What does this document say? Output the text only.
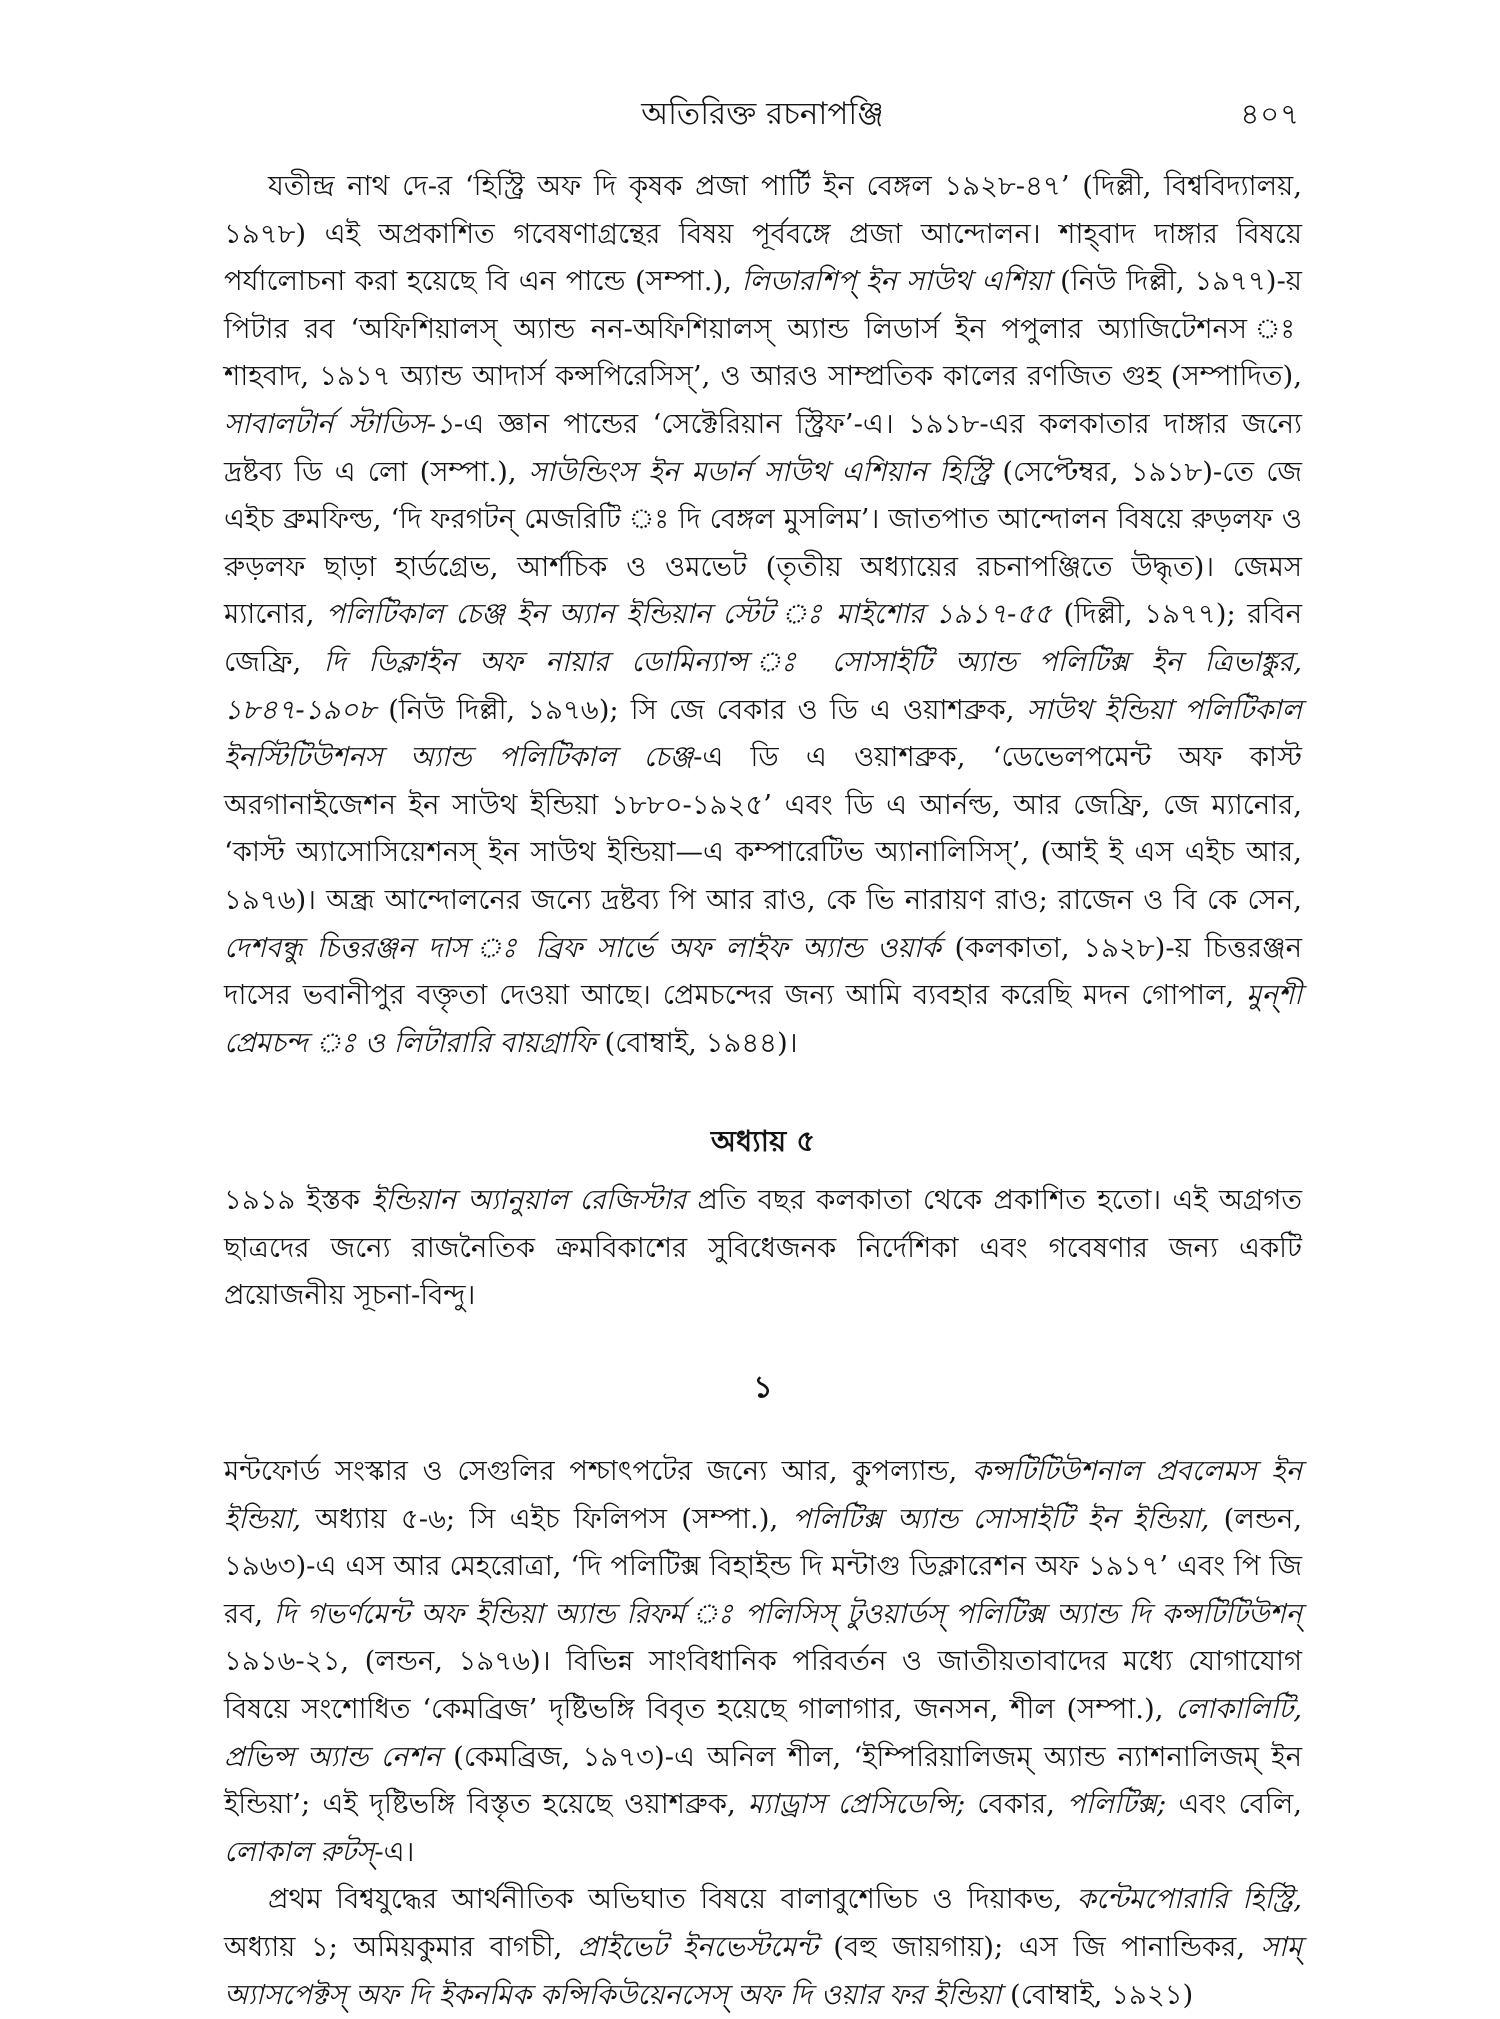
অতিরিক্ত রচনাপঞ্জি	৪০৭

যতীন্দ্র নাথ দে-র ‘হিস্ট্রি অফ দি কৃষক প্রজা পার্টি ইন বেঙ্গল ১৯২৮-৪৭’ (দিল্লী, বিশ্ববিদ্যালয়, ১৯৭৮) এই অপ্রকাশিত গবেষণাগ্রন্থের বিষয় পূর্ববঙ্গে প্রজা আন্দোলন। শাহ্‌বাদ দাঙ্গার বিষয়ে পর্যালোচনা করা হয়েছে বি এন পান্ডে (সম্পা.), লিডারশিপ্‌ ইন সাউথ এশিয়া (নিউ দিল্লী, ১৯৭৭)-য় পিটার রব ‘অফিশিয়ালস্‌ অ্যান্ড নন-অফিশিয়ালস্‌ অ্যান্ড লিডার্স ইন পপুলার অ্যাজিটেশনস ঃ শাহবাদ, ১৯১৭ অ্যান্ড আদার্স কন্সপিরেসিস্‌’, ও আরও সাম্প্রতিক কালের রণজিত গুহ (সম্পাদিত), সাবালটার্ন স্টাডিস-১-এ জ্ঞান পান্ডের ‘সেক্টেরিয়ান স্ট্রিফ’-এ। ১৯১৮-এর কলকাতার দাঙ্গার জন্যে দ্রষ্টব্য ডি এ লো (সম্পা.), সাউন্ডিংস ইন মডার্ন সাউথ এশিয়ান হিস্ট্রি (সেপ্টেম্বর, ১৯১৮)-তে জে এইচ ব্রুমফিল্ড, ‘দি ফরগটন্‌ মেজরিটি ঃ দি বেঙ্গল মুসলিম’। জাতপাত আন্দোলন বিষয়ে রুড়লফ ও রুড়লফ ছাড়া হার্ডগ্রেভ, আর্শচিক ও ওমভেট (তৃতীয় অধ্যায়ের রচনাপঞ্জিতে উদ্ধৃত)। জেমস ম্যানোর, পলিটিকাল চেঞ্জ ইন অ্যান ইন্ডিয়ান স্টেট ঃ মাইশোর ১৯১৭-৫৫ (দিল্লী, ১৯৭৭); রবিন জেফ্রি, দি ডিক্লাইন অফ নায়ার ডোমিন্যান্স ঃ সোসাইটি অ্যান্ড পলিটিক্স ইন ত্রিভাঙ্কুর, ১৮৪৭-১৯০৮ (নিউ দিল্লী, ১৯৭৬); সি জে বেকার ও ডি এ ওয়াশব্রুক, সাউথ ইন্ডিয়া পলিটিকাল ইনস্টিটিউশনস অ্যান্ড পলিটিকাল চেঞ্জ-এ ডি এ ওয়াশব্রুক, ‘ডেভেলপমেন্ট অফ কাস্ট অরগানাইজেশন ইন সাউথ ইন্ডিয়া ১৮৮০-১৯২৫’ এবং ডি এ আর্নল্ড, আর জেফ্রি, জে ম্যানোর, ‘কাস্ট অ্যাসোসিয়েশনস্‌ ইন সাউথ ইন্ডিয়া—এ কম্পারেটিভ অ্যানালিসিস্‌’, (আই ই এস এইচ আর, ১৯৭৬)। অন্ধ্র আন্দোলনের জন্যে দ্রষ্টব্য পি আর রাও, কে ভি নারায়ণ রাও; রাজেন ও বি কে সেন, দেশবন্ধু চিত্তরঞ্জন দাস ঃ ব্রিফ সার্ভে অফ লাইফ অ্যান্ড ওয়ার্ক (কলকাতা, ১৯২৮)-য় চিত্তরঞ্জন দাসের ভবানীপুর বক্তৃতা দেওয়া আছে। প্রেমচন্দের জন্য আমি ব্যবহার করেছি মদন গোপাল, মুন্‌শী প্রেমচন্দ ঃ ও লিটারারি বায়গ্রাফি (বোম্বাই, ১৯৪৪)।

অধ্যায় ৫

১৯১৯ ইস্তক ইন্ডিয়ান অ্যানুয়াল রেজিস্টার প্রতি বছর কলকাতা থেকে প্রকাশিত হতো। এই অগ্রগত ছাত্রদের জন্যে রাজনৈতিক ক্রমবিকাশের সুবিধেজনক নির্দেশিকা এবং গবেষণার জন্য একটি প্রয়োজনীয় সূচনা-বিন্দু।

১

মন্টফোর্ড সংস্কার ও সেগুলির পশ্চাৎপটের জন্যে আর, কুপল্যান্ড, কন্সটিটিউশনাল প্রবলেমস ইন ইন্ডিয়া, অধ্যায় ৫-৬; সি এইচ ফিলিপস (সম্পা.), পলিটিক্স অ্যান্ড সোসাইটি ইন ইন্ডিয়া, (লন্ডন, ১৯৬৩)-এ এস আর মেহরোত্রা, ‘দি পলিটিক্স বিহাইন্ড দি মন্টাগু ডিক্লারেশন অফ ১৯১৭’ এবং পি জি রব, দি গভর্ণমেন্ট অফ ইন্ডিয়া অ্যান্ড রিফর্ম ঃ পলিসিস্‌ টুওয়ার্ডস্‌ পলিটিক্স অ্যান্ড দি কন্সটিটিউশন্‌ ১৯১৬-২১, (লন্ডন, ১৯৭৬)। বিভিন্ন সাংবিধানিক পরিবর্তন ও জাতীয়তাবাদের মধ্যে যোগাযোগ বিষয়ে সংশোধিত ‘কেমব্রিজ’ দৃষ্টিভঙ্গি বিবৃত হয়েছে গালাগার, জনসন, শীল (সম্পা.), লোকালিটি, প্রভিন্স অ্যান্ড নেশন (কেমব্রিজ, ১৯৭৩)-এ অনিল শীল, ‘ইম্পিরিয়ালিজম্‌ অ্যান্ড ন্যাশনালিজম্‌ ইন ইন্ডিয়া’; এই দৃষ্টিভঙ্গি বিস্তৃত হয়েছে ওয়াশব্রুক, ম্যাড্রাস প্রেসিডেন্সি; বেকার, পলিটিক্স; এবং বেলি, লোকাল রুটস্‌-এ।

প্রথম বিশ্বযুদ্ধের আর্থনীতিক অভিঘাত বিষয়ে বালাবুশেভিচ ও দিয়াকভ, কন্টেমপোরারি হিস্ট্রি, অধ্যায় ১; অমিয়কুমার বাগচী, প্রাইভেট ইনভেস্টমেন্ট (বহু জায়গায়); এস জি পানান্ডিকর, সাম্‌ অ্যাসপেক্টস্‌ অফ দি ইকনমিক কন্সিকিউয়েনসেস্‌ অফ দি ওয়ার ফর ইন্ডিয়া (বোম্বাই, ১৯২১)
